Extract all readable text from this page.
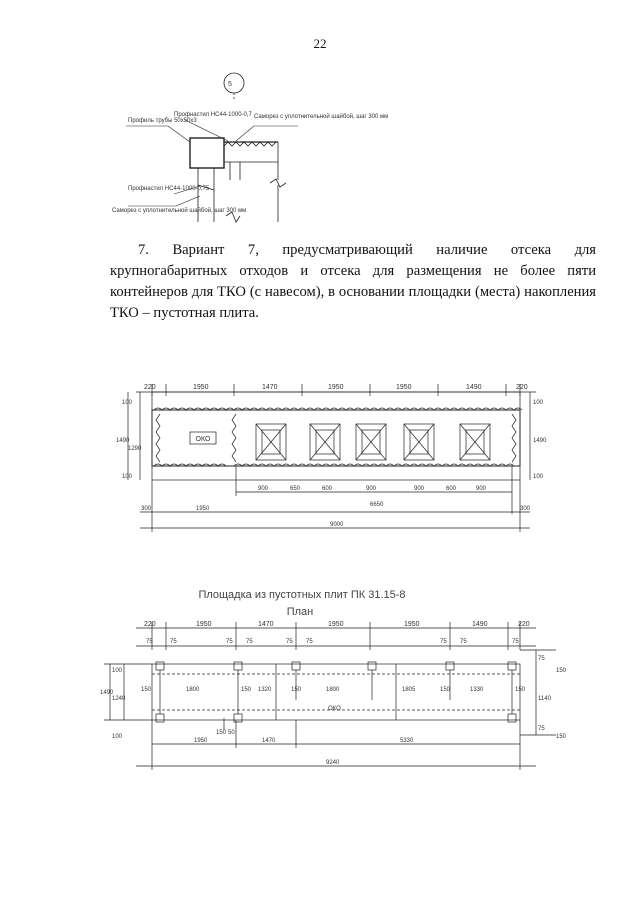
22
5
Профиль трубы 50х50х3
Профнастил НС44-1000-0,7 Саморез с уплотнительной шайбой, шаг 300 мм
Профнастил НС44-1000-0,75
Саморез с уплотнительной шайбой, шаг 300 мм

7. Вариант 7, предусматривающий наличие отсека для крупногабаритных отходов и отсека для размещения не более пяти контейнеров для ТКО (с навесом), в основании площадки (места) накопления ТКО – пустотная плита.

ОКО
220	1950	1470	1950	1950	1490	220
100
1490
1290
100
100
1490
100
900	650	600	900	900	600	900
300	1950
6650
300
9000
Площадка из пустотных плит ПК 31.15-8
План
220	1950	1470	1950	1950	1490	220
75	75	75 75	75 75	75 75	75
150	1800	150 1320	150	1800	1805	150	1330	150
ОКО
100
1490
1240
100
75
150
1140
75
150
1950	1470	5330
9240
150 50
